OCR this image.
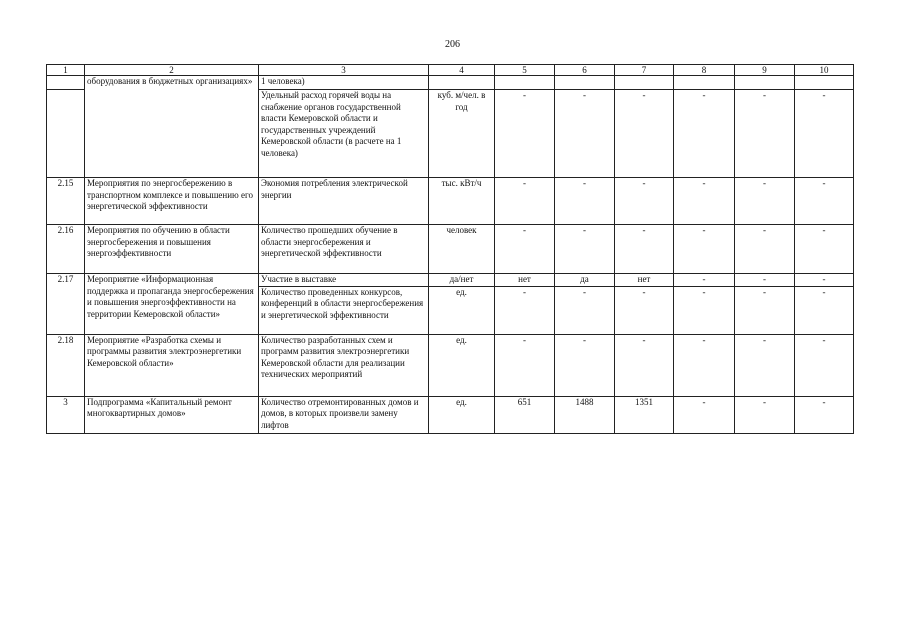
206
1	2	3	4	5	6	7	8	9	10
	оборудования в бюджетных организациях»	1 человека)							
		Удельный расход горячей воды на снабжение органов государственной власти Кемеровской области и государственных учреждений Кемеровской области (в расчете на 1 человека)	куб. м/чел. в год	-	-	-	-	-	-
2.15	Мероприятия по энергосбережению в транспортном комплексе и повышению его энергетической эффективности	Экономия потребления электрической энергии	тыс. кВт/ч	-	-	-	-	-	-
2.16	Мероприятия по обучению в области энергосбережения и повышения энергоэффективности	Количество прошедших обучение в области энергосбережения и энергетической эффективности	человек	-	-	-	-	-	-
2.17	Мероприятие «Информационная поддержка и пропаганда энергосбережения и повышения энергоэффективности на территории Кемеровской области»	Участие в выставке	да/нет	нет	да	нет	-	-	-
		Количество проведенных конкурсов, конференций в области энергосбережения и энергетической эффективности	ед.	-	-	-	-	-	-
2.18	Мероприятие «Разработка схемы и программы развития электроэнергетики Кемеровской области»	Количество разработанных схем и программ развития электроэнергетики Кемеровской области для реализации технических мероприятий	ед.	-	-	-	-	-	-
3	Подпрограмма «Капитальный ремонт многоквартирных домов»	Количество отремонтированных домов и домов, в которых произвели замену лифтов	ед.	651	1488	1351	-	-	-
